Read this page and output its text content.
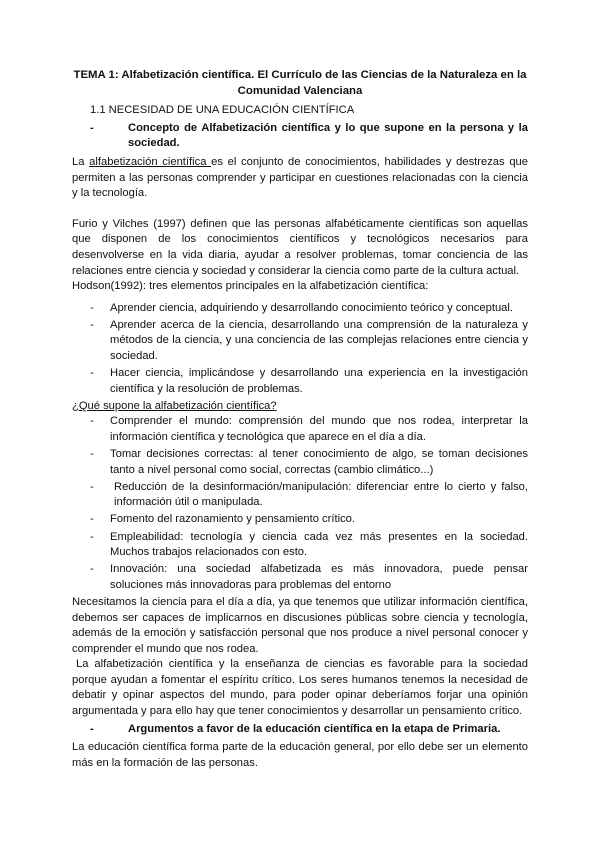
TEMA 1: Alfabetización científica. El Currículo de las Ciencias de la Naturaleza en la Comunidad Valenciana
1.1 NECESIDAD DE UNA EDUCACIÓN CIENTÍFICA
-	Concepto de Alfabetización científica y lo que supone en la persona y la sociedad.

La alfabetización científica es el conjunto de conocimientos, habilidades y destrezas que permiten a las personas comprender y participar en cuestiones relacionadas con la ciencia y la tecnología.

Furio y Vilches (1997) definen que las personas alfabéticamente científicas son aquellas que disponen de los conocimientos científicos y tecnológicos necesarios para desenvolverse en la vida diaria, ayudar a resolver problemas, tomar conciencia de las relaciones entre ciencia y sociedad y considerar la ciencia como parte de la cultura actual.

Hodson(1992): tres elementos principales en la alfabetización científica:

-	Aprender ciencia, adquiriendo y desarrollando conocimiento teórico y conceptual.
-	Aprender acerca de la ciencia, desarrollando una comprensión de la naturaleza y métodos de la ciencia, y una conciencia de las complejas relaciones entre ciencia y sociedad.
-	Hacer ciencia, implicándose y desarrollando una experiencia en la investigación científica y la resolución de problemas.

¿Qué supone la alfabetización científica?

-	Comprender el mundo: comprensión del mundo que nos rodea, interpretar la información científica y tecnológica que aparece en el día a día.
-	Tomar decisiones correctas: al tener conocimiento de algo, se toman decisiones tanto a nivel personal como social, correctas (cambio climático...)
-	Reducción de la desinformación/manipulación: diferenciar entre lo cierto y falso, información útil o manipulada.
-	Fomento del razonamiento y pensamiento crítico.
-	Empleabilidad: tecnología y ciencia cada vez más presentes en la sociedad. Muchos trabajos relacionados con esto.
-	Innovación: una sociedad alfabetizada es más innovadora, puede pensar soluciones más innovadoras para problemas del entorno

Necesitamos la ciencia para el día a día, ya que tenemos que utilizar información científica, debemos ser capaces de implicarnos en discusiones públicas sobre ciencia y tecnología, además de la emoción y satisfacción personal que nos produce a nivel personal conocer y comprender el mundo que nos rodea.

La alfabetización científica y la enseñanza de ciencias es favorable para la sociedad porque ayudan a fomentar el espíritu crítico. Los seres humanos tenemos la necesidad de debatir y opinar aspectos del mundo, para poder opinar deberíamos forjar una opinión argumentada y para ello hay que tener conocimientos y desarrollar un pensamiento crítico.

-	Argumentos a favor de la educación científica en la etapa de Primaria.

La educación científica forma parte de la educación general, por ello debe ser un elemento más en la formación de las personas.
